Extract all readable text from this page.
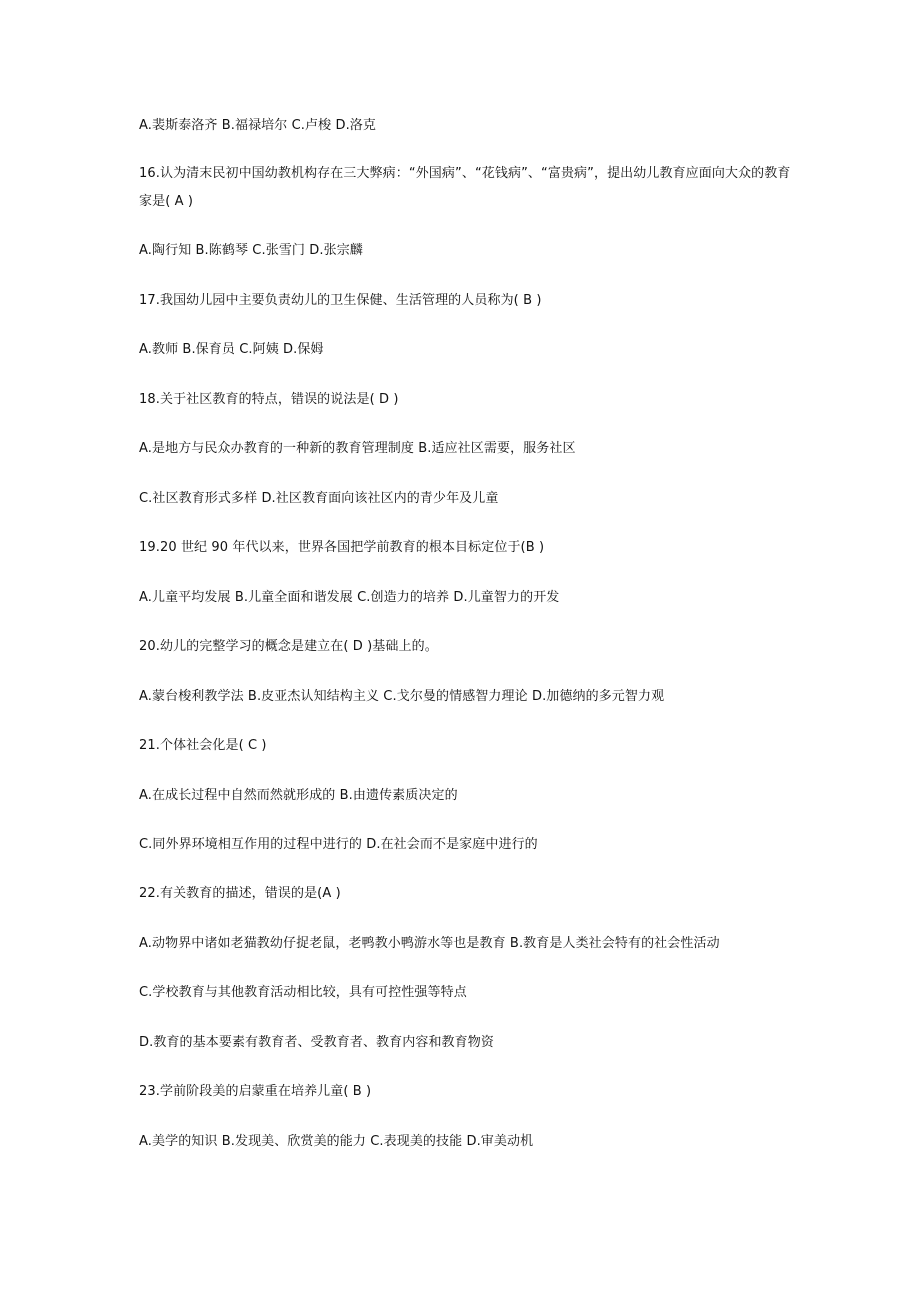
A.裴斯泰洛齐 B.福禄培尔 C.卢梭 D.洛克
16.认为清末民初中国幼教机构存在三大弊病：“外国病”、“花钱病”、“富贵病”，提出幼儿教育应面向大众的教育家是( A )
A.陶行知 B.陈鹤琴 C.张雪门 D.张宗麟
17.我国幼儿园中主要负责幼儿的卫生保健、生活管理的人员称为( B )
A.教师 B.保育员 C.阿姨 D.保姆
18.关于社区教育的特点，错误的说法是( D )
A.是地方与民众办教育的一种新的教育管理制度 B.适应社区需要，服务社区
C.社区教育形式多样 D.社区教育面向该社区内的青少年及儿童
19.20 世纪 90 年代以来，世界各国把学前教育的根本目标定位于(B )
A.儿童平均发展 B.儿童全面和谐发展 C.创造力的培养 D.儿童智力的开发
20.幼儿的完整学习的概念是建立在( D )基础上的。
A.蒙台梭利教学法 B.皮亚杰认知结构主义 C.戈尔曼的情感智力理论 D.加德纳的多元智力观
21.个体社会化是( C )
A.在成长过程中自然而然就形成的 B.由遗传素质决定的
C.同外界环境相互作用的过程中进行的 D.在社会而不是家庭中进行的
22.有关教育的描述，错误的是(A )
A.动物界中诸如老猫教幼仔捉老鼠，老鸭教小鸭游水等也是教育 B.教育是人类社会特有的社会性活动
C.学校教育与其他教育活动相比较，具有可控性强等特点
D.教育的基本要素有教育者、受教育者、教育内容和教育物资
23.学前阶段美的启蒙重在培养儿童( B )
A.美学的知识 B.发现美、欣赏美的能力 C.表现美的技能 D.审美动机
